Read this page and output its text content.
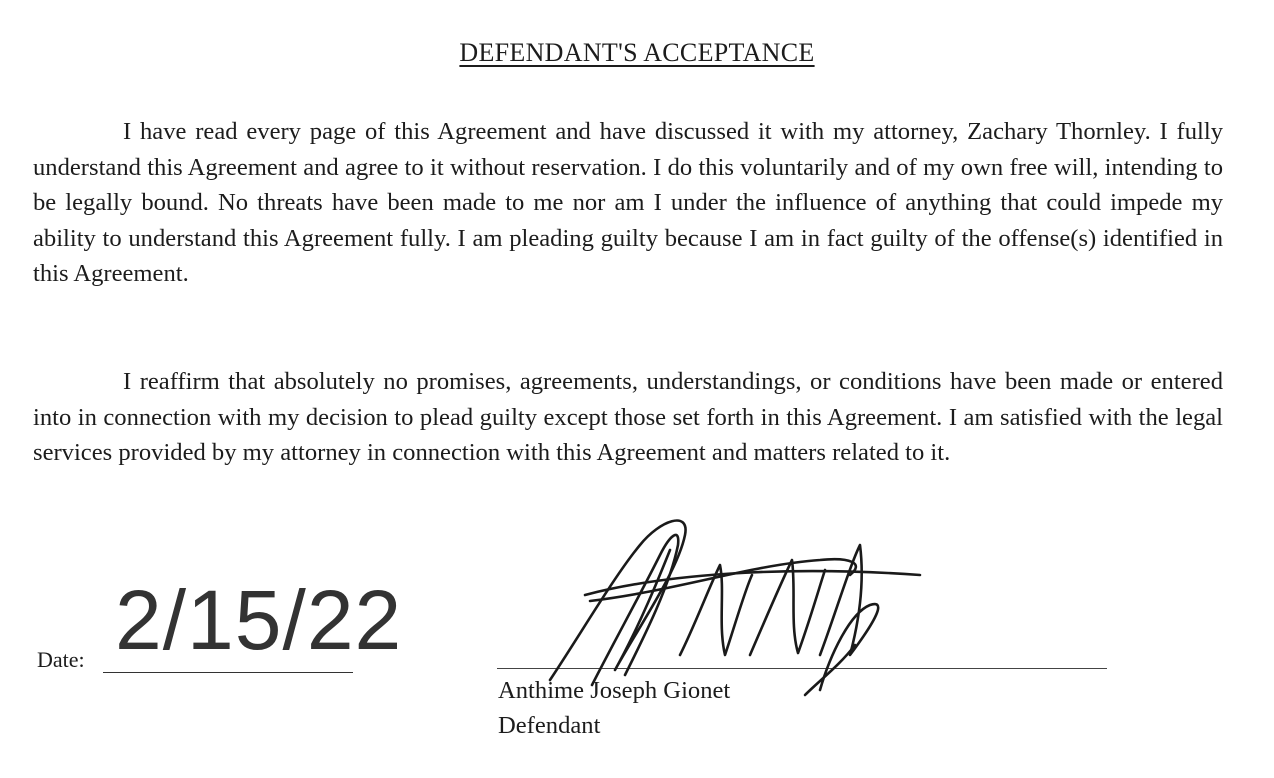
DEFENDANT'S ACCEPTANCE

I have read every page of this Agreement and have discussed it with my attorney, Zachary Thornley. I fully understand this Agreement and agree to it without reservation. I do this voluntarily and of my own free will, intending to be legally bound. No threats have been made to me nor am I under the influence of anything that could impede my ability to understand this Agreement fully. I am pleading guilty because I am in fact guilty of the offense(s) identified in this Agreement.

I reaffirm that absolutely no promises, agreements, understandings, or conditions have been made or entered into in connection with my decision to plead guilty except those set forth in this Agreement. I am satisfied with the legal services provided by my attorney in connection with this Agreement and matters related to it.

Date: 2/15/22
Anthime Joseph Gionet
Defendant
